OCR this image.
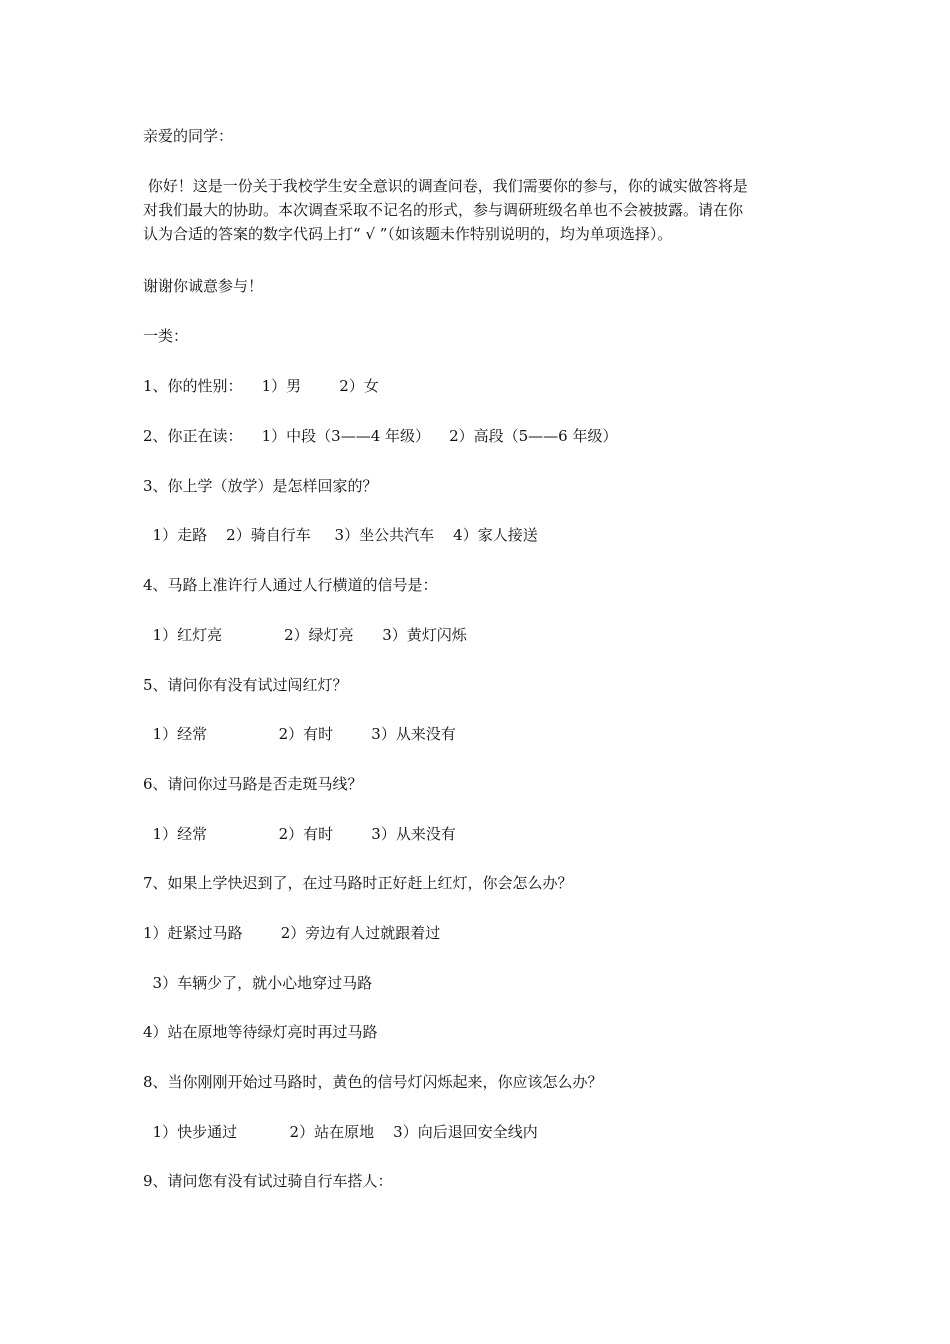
亲爱的同学：
你好！这是一份关于我校学生安全意识的调查问卷，我们需要你的参与，你的诚实做答将是
对我们最大的协助。本次调查采取不记名的形式，参与调研班级名单也不会被披露。请在你
认为合适的答案的数字代码上打“ √ ”（如该题未作特别说明的，均为单项选择）。
谢谢你诚意参与！
一类：
1、你的性别：    1）男        2）女
2、你正在读：    1）中段（3——4 年级）    2）高段（5——6 年级）
3、你上学（放学）是怎样回家的？
1）走路    2）骑自行车     3）坐公共汽车    4）家人接送
4、马路上准许行人通过人行横道的信号是：
1）红灯亮             2）绿灯亮      3）黄灯闪烁
5、请问你有没有试过闯红灯？
1）经常               2）有时        3）从来没有
6、请问你过马路是否走斑马线？
1）经常               2）有时        3）从来没有
7、如果上学快迟到了，在过马路时正好赶上红灯，你会怎么办？
1）赶紧过马路        2）旁边有人过就跟着过
3）车辆少了，就小心地穿过马路
4）站在原地等待绿灯亮时再过马路
8、当你刚刚开始过马路时，黄色的信号灯闪烁起来，你应该怎么办？
1）快步通过           2）站在原地    3）向后退回安全线内
9、请问您有没有试过骑自行车搭人：
